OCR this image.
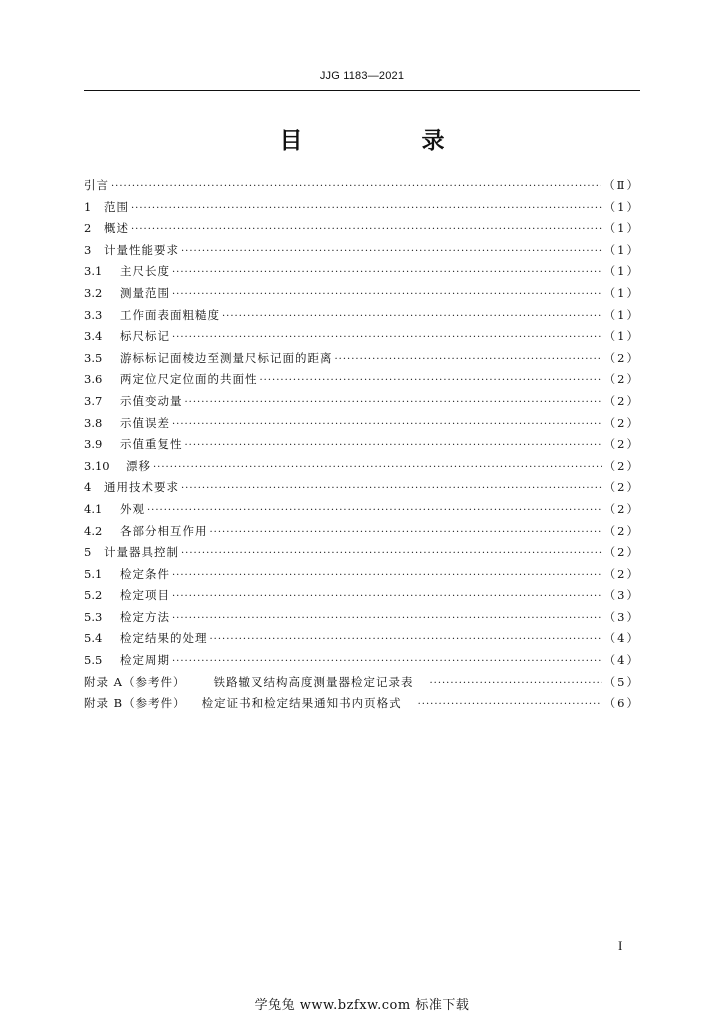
JJG 1183—2021
目　录
引言 ·····	（Ⅱ）
1	范围 ·····	（1）
2	概述 ·····	（1）
3	计量性能要求 ·····	（1）
3.1	主尺长度 ·····	（1）
3.2	测量范围 ·····	（1）
3.3	工作面表面粗糙度 ·····	（1）
3.4	标尺标记 ·····	（1）
3.5	游标标记面棱边至测量尺标记面的距离 ·····	（2）
3.6	两定位尺定位面的共面性 ·····	（2）
3.7	示值变动量 ·····	（2）
3.8	示值误差 ·····	（2）
3.9	示值重复性 ·····	（2）
3.10	漂移 ·····	（2）
4	通用技术要求 ·····	（2）
4.1	外观 ·····	（2）
4.2	各部分相互作用 ·····	（2）
5	计量器具控制 ·····	（2）
5.1	检定条件 ·····	（2）
5.2	检定项目 ·····	（3）
5.3	检定方法 ·····	（3）
5.4	检定结果的处理 ·····	（4）
5.5	检定周期 ·····	（4）
附录 A（参考件） 铁路辙叉结构高度测量器检定记录表 ·····	（5）
附录 B（参考件） 检定证书和检定结果通知书内页格式 ·····	（6）
I
学兔兔 www.bzfxw.com 标准下载
